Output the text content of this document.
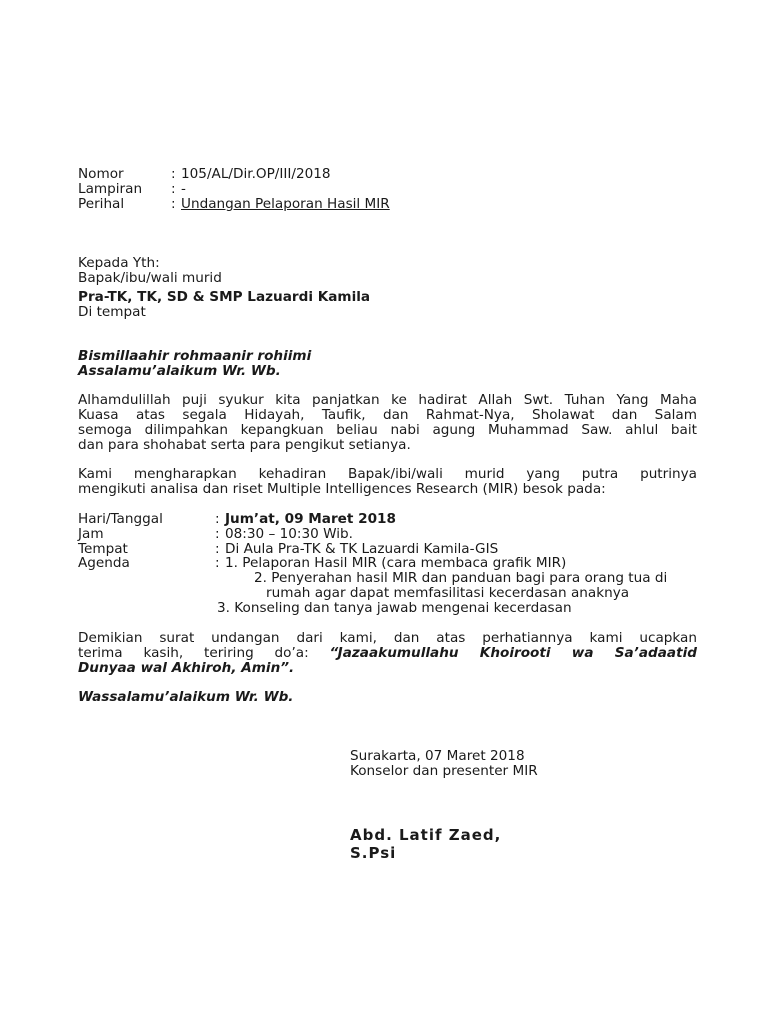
Nomor	: 105/AL/Dir.OP/III/2018
Lampiran : -
Perihal	: Undangan Pelaporan Hasil MIR
Kepada Yth:
Bapak/ibu/wali murid
Pra-TK, TK, SD & SMP Lazuardi Kamila
Di tempat
Bismillaahir rohmaanir rohiimi
Assalamu’alaikum Wr. Wb.
Alhamdulillah puji syukur kita panjatkan ke hadirat Allah Swt. Tuhan Yang Maha
Kuasa atas segala Hidayah, Taufik, dan Rahmat-Nya, Sholawat dan Salam
semoga dilimpahkan kepangkuan beliau nabi agung Muhammad Saw. ahlul bait
dan para shohabat serta para pengikut setianya.
Kami mengharapkan kehadiran Bapak/ibi/wali murid yang putra putrinya
mengikuti analisa dan riset Multiple Intelligences Research (MIR) besok pada:
Hari/Tanggal	: Jum’at, 09 Maret 2018
Jam	: 08:30 – 10:30 Wib.
Tempat	: Di Aula Pra-TK & TK Lazuardi Kamila-GIS
Agenda	: 1. Pelaporan Hasil MIR (cara membaca grafik MIR)
2. Penyerahan hasil MIR dan panduan bagi para orang tua di
rumah agar dapat memfasilitasi kecerdasan anaknya
3. Konseling dan tanya jawab mengenai kecerdasan
Demikian surat undangan dari kami, dan atas perhatiannya kami ucapkan
terima kasih, teriring do’a: “Jazaakumullahu Khoirooti wa Sa’adaatid
Dunyaa wal Akhiroh, Amin”.
Wassalamu’alaikum Wr. Wb.
Surakarta, 07 Maret 2018
Konselor dan presenter MIR
Abd. Latif Zaed, S.Psi
